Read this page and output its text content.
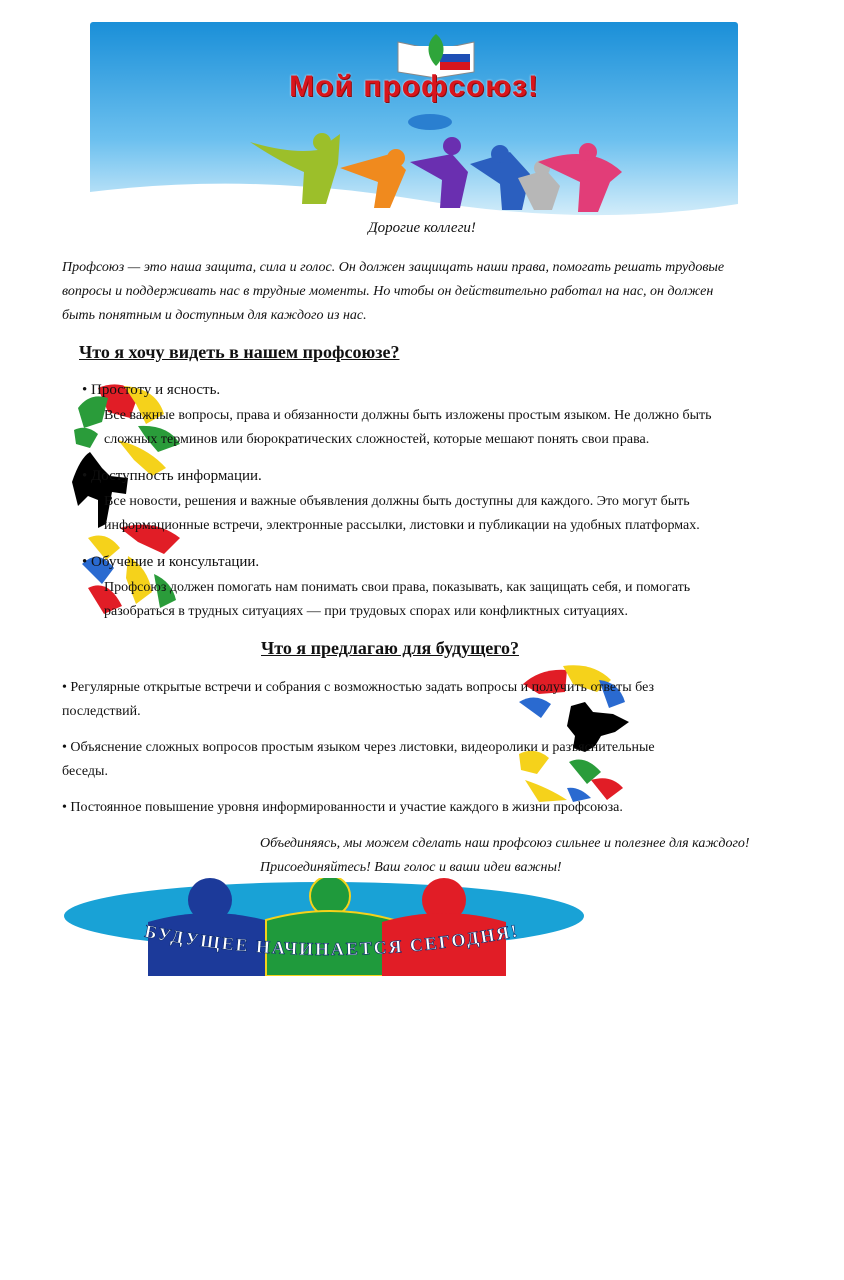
Мой профсоюз!
Дорогие коллеги!

Профсоюз — это наша защита, сила и голос. Он должен защищать наши права, помогать решать трудовые

вопросы и поддерживать нас в трудные моменты. Но чтобы он действительно работал на нас, он должен

быть понятным и доступным для каждого из нас.

Что я хочу видеть в нашем профсоюзе?
• Простоту и ясность.
Все важные вопросы, права и обязанности должны быть изложены простым языком. Не должно быть
сложных терминов или бюрократических сложностей, которые мешают понять свои права.
• Доступность информации.
Все новости, решения и важные объявления должны быть доступны для каждого. Это могут быть
информационные встречи, электронные рассылки, листовки и публикации на удобных платформах.
• Обучение и консультации.
Профсоюз должен помогать нам понимать свои права, показывать, как защищать себя, и помогать
разобраться в трудных ситуациях — при трудовых спорах или конфликтных ситуациях.
Что я предлагаю для будущего?
• Регулярные открытые встречи и собрания с возможностью задать вопросы и получить ответы без
последствий.
• Объяснение сложных вопросов простым языком через листовки, видеоролики и разъяснительные
беседы.
• Постоянное повышение уровня информированности и участие каждого в жизни профсоюза.

Объединяясь, мы можем сделать наш профсоюз сильнее и полезнее для каждого!

Присоединяйтесь! Ваш голос и ваши идеи важны!

БУДУЩЕЕ НАЧИНАЕТСЯ СЕГОДНЯ!
